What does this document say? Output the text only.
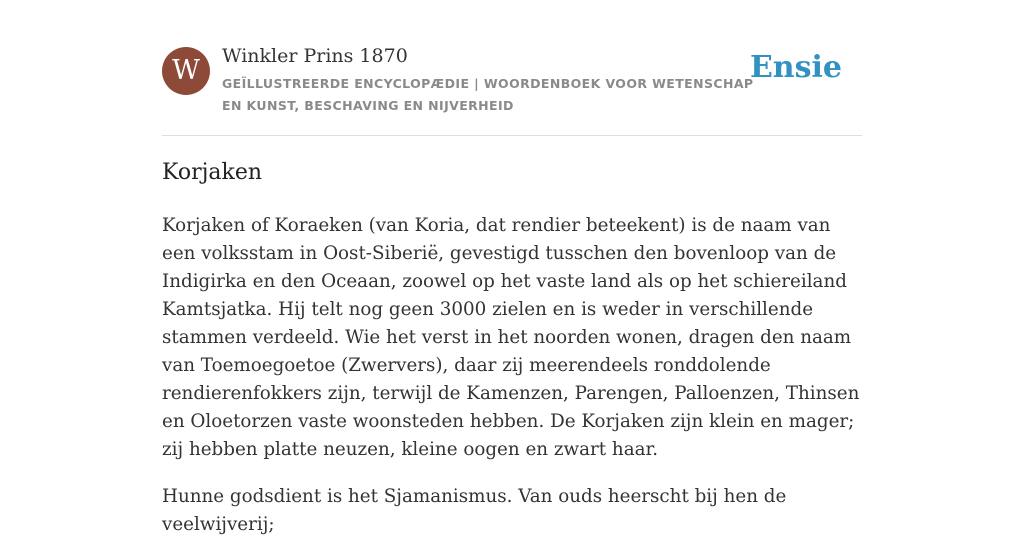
W	Winkler Prins 1870
GEÏLLUSTREERDE ENCYCLOPÆDIE | WOORDENBOEK VOOR WETENSCHAP EN KUNST, BESCHAVING EN NIJVERHEID
Ensie
Korjaken

Korjaken of Koraeken (van Koria, dat rendier beteekent) is de naam van een volksstam in Oost-Siberië, gevestigd tusschen den bovenloop van de Indigirka en den Oceaan, zoowel op het vaste land als op het schiereiland Kamtsjatka. Hij telt nog geen 3000 zielen en is weder in verschillende stammen verdeeld. Wie het verst in het noorden wonen, dragen den naam van Toemoegoetoe (Zwervers), daar zij meerendeels ronddolende rendierenfokkers zijn, terwijl de Kamenzen, Parengen, Palloenzen, Thinsen en Oloetorzen vaste woonsteden hebben. De Korjaken zijn klein en mager; zij hebben platte neuzen, kleine oogen en zwart haar.

Hunne godsdient is het Sjamanismus. Van ouds heerscht bij hen de veelwijverij;
